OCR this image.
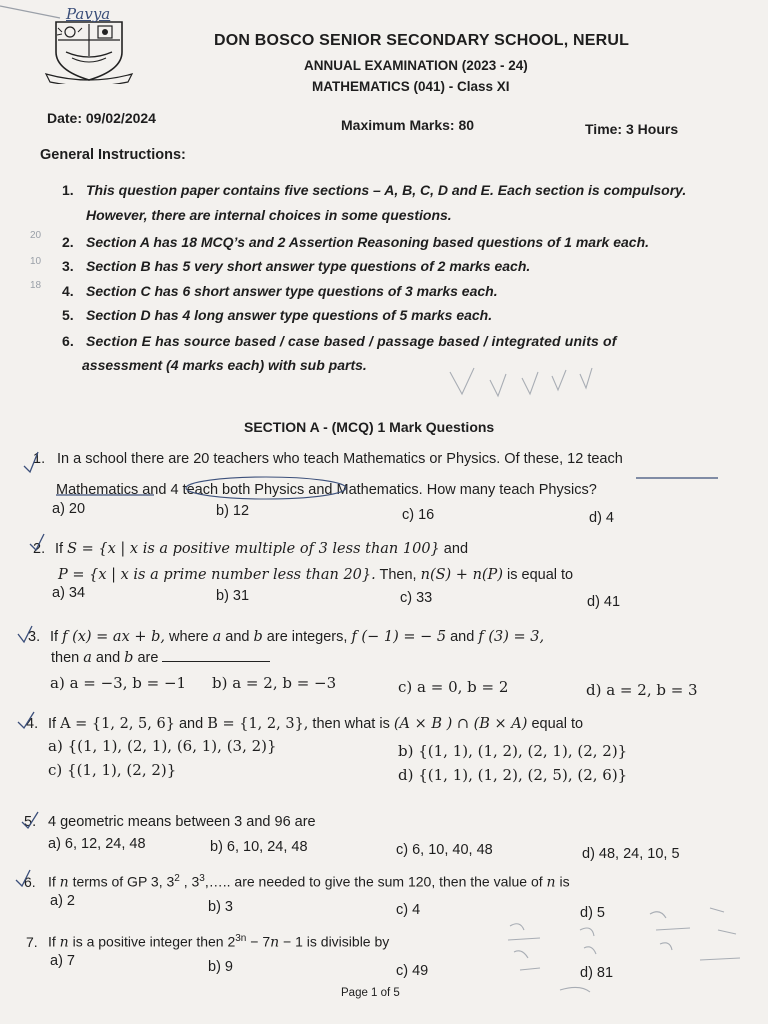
Pavya
DON BOSCO SENIOR SECONDARY SCHOOL, NERUL
ANNUAL EXAMINATION (2023 - 24)
MATHEMATICS (041) - Class XI
Date: 09/02/2024	Maximum Marks: 80	Time: 3 Hours
General Instructions:
1. This question paper contains five sections – A, B, C, D and E. Each section is compulsory.
However, there are internal choices in some questions.
2. Section A has 18 MCQ’s and 2 Assertion Reasoning based questions of 1 mark each.
3. Section B has 5 very short answer type questions of 2 marks each.
4. Section C has 6 short answer type questions of 3 marks each.
5. Section D has 4 long answer type questions of 5 marks each.
6. Section E has source based / case based / passage based / integrated units of
assessment (4 marks each) with sub parts.
20
10
18
SECTION A - (MCQ) 1 Mark Questions
1. In a school there are 20 teachers who teach Mathematics or Physics. Of these, 12 teach
Mathematics and 4 teach both Physics and Mathematics. How many teach Physics?
a) 20	b) 12	c) 16	d) 4
2. If S = {x | x is a positive multiple of 3 less than 100} and
P = {x | x is a prime number less than 20}. Then, n(S) + n(P) is equal to
a) 34	b) 31	c) 33	d) 41
3. If f (x) = ax + b, where a and b are integers, f (− 1) = − 5 and f (3) = 3,
then a and b are
a) a = −3, b = −1 b) a = 2, b = −3	c) a = 0, b = 2	d) a = 2, b = 3
4. If A = {1, 2, 5, 6} and B = {1, 2, 3}, then what is (A × B ) ∩ (B × A) equal to
a) {(1, 1), (2, 1), (6, 1), (3, 2)}	b) {(1, 1), (1, 2), (2, 1), (2, 2)}
c) {(1, 1), (2, 2)}	d) {(1, 1), (1, 2), (2, 5), (2, 6)}
5. 4 geometric means between 3 and 96 are
a) 6, 12, 24, 48	b) 6, 10, 24, 48	c) 6, 10, 40, 48	d) 48, 24, 10, 5
6. If n terms of GP 3, $3^2$ , $3^3,\dots$.. are needed to give the sum 120, then the value of n is
a) 2	b) 3	c) 4	d) 5
7. If n is a positive integer then $2^{3n} - 7n - 1$ is divisible by
a) 7	b) 9	c) 49	d) 81
Page 1 of 5
